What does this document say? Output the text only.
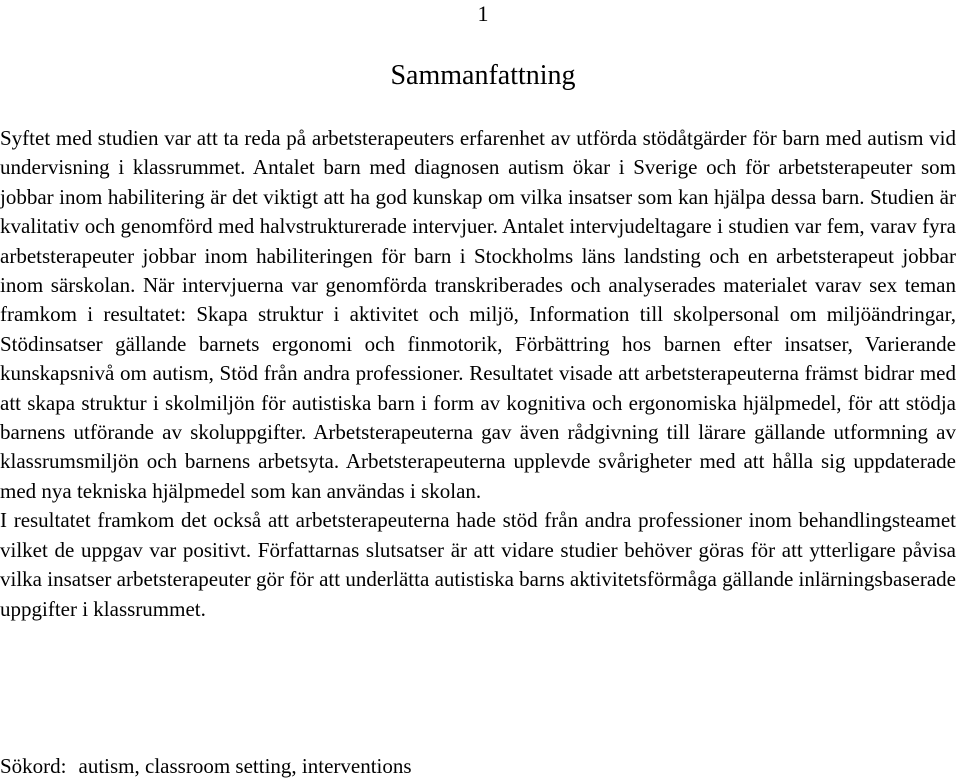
1
Sammanfattning

Syftet med studien var att ta reda på arbetsterapeuters erfarenhet av utförda stödåtgärder för barn med autism vid undervisning i klassrummet. Antalet barn med diagnosen autism ökar i Sverige och för arbetsterapeuter som jobbar inom habilitering är det viktigt att ha god kunskap om vilka insatser som kan hjälpa dessa barn. Studien är kvalitativ och genomförd med halvstrukturerade intervjuer. Antalet intervjudeltagare i studien var fem, varav fyra arbetsterapeuter jobbar inom habiliteringen för barn i Stockholms läns landsting och en arbetsterapeut jobbar inom särskolan. När intervjuerna var genomförda transkriberades och analyserades materialet varav sex teman framkom i resultatet: Skapa struktur i aktivitet och miljö, Information till skolpersonal om miljöändringar, Stödinsatser gällande barnets ergonomi och finmotorik, Förbättring hos barnen efter insatser, Varierande kunskapsnivå om autism, Stöd från andra professioner. Resultatet visade att arbetsterapeuterna främst bidrar med att skapa struktur i skolmiljön för autistiska barn i form av kognitiva och ergonomiska hjälpmedel, för att stödja barnens utförande av skoluppgifter. Arbetsterapeuterna gav även rådgivning till lärare gällande utformning av klassrumsmiljön och barnens arbetsyta. Arbetsterapeuterna upplevde svårigheter med att hålla sig uppdaterade med nya tekniska hjälpmedel som kan användas i skolan.

I resultatet framkom det också att arbetsterapeuterna hade stöd från andra professioner inom behandlingsteamet vilket de uppgav var positivt. Författarnas slutsatser är att vidare studier behöver göras för att ytterligare påvisa vilka insatser arbetsterapeuter gör för att underlätta autistiska barns aktivitetsförmåga gällande inlärningsbaserade uppgifter i klassrummet.

Sökord: autism, classroom setting, interventions
